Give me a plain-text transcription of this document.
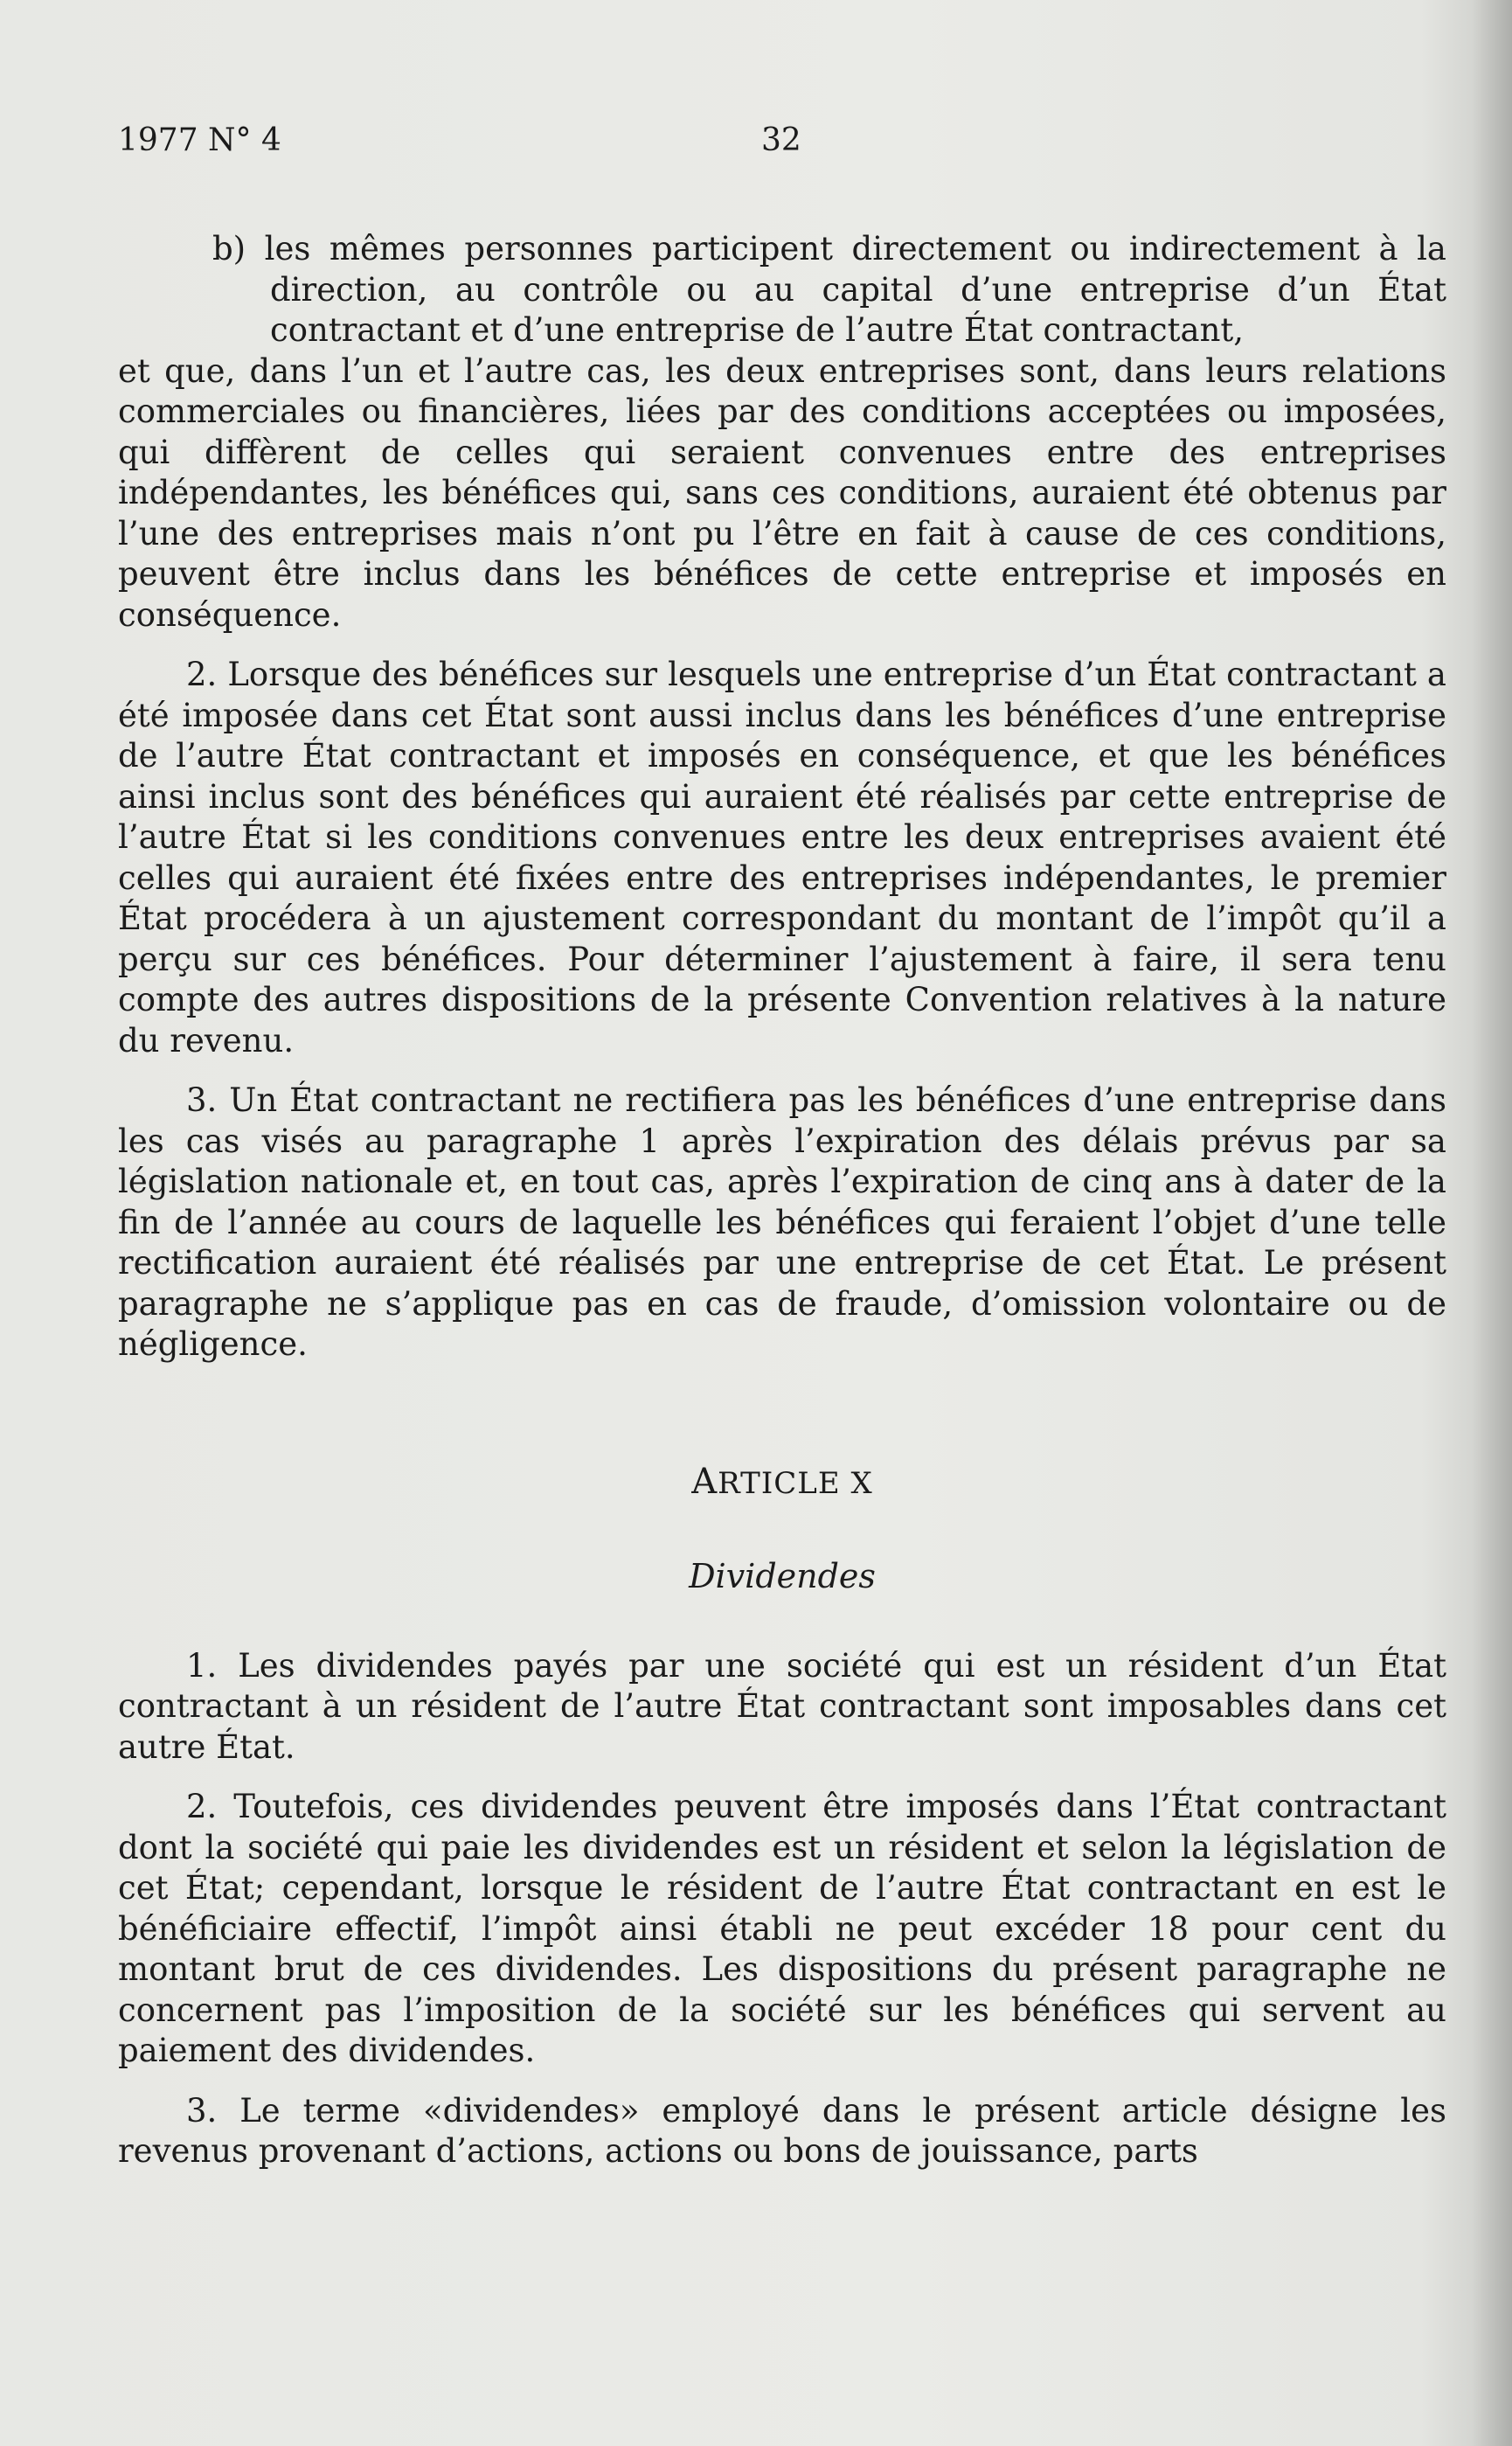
1977 N° 4	32

b) les mêmes personnes participent directement ou indirectement à la direction, au contrôle ou au capital d’une entreprise d’un État contractant et d’une entreprise de l’autre État contractant,

et que, dans l’un et l’autre cas, les deux entreprises sont, dans leurs relations commerciales ou financières, liées par des conditions acceptées ou imposées, qui diffèrent de celles qui seraient convenues entre des entreprises indépendantes, les bénéfices qui, sans ces conditions, auraient été obtenus par l’une des entreprises mais n’ont pu l’être en fait à cause de ces conditions, peuvent être inclus dans les bénéfices de cette entreprise et imposés en conséquence.

2. Lorsque des bénéfices sur lesquels une entreprise d’un État contractant a été imposée dans cet État sont aussi inclus dans les bénéfices d’une entreprise de l’autre État contractant et imposés en conséquence, et que les bénéfices ainsi inclus sont des bénéfices qui auraient été réalisés par cette entreprise de l’autre État si les conditions convenues entre les deux entreprises avaient été celles qui auraient été fixées entre des entreprises indépendantes, le premier État procédera à un ajustement correspondant du montant de l’impôt qu’il a perçu sur ces bénéfices. Pour déterminer l’ajustement à faire, il sera tenu compte des autres dispositions de la présente Convention relatives à la nature du revenu.

3. Un État contractant ne rectifiera pas les bénéfices d’une entreprise dans les cas visés au paragraphe 1 après l’expiration des délais prévus par sa législation nationale et, en tout cas, après l’expiration de cinq ans à dater de la fin de l’année au cours de laquelle les bénéfices qui feraient l’objet d’une telle rectification auraient été réalisés par une entreprise de cet État. Le présent paragraphe ne s’applique pas en cas de fraude, d’omission volontaire ou de négligence.

ARTICLE X
Dividendes

1. Les dividendes payés par une société qui est un résident d’un État contractant à un résident de l’autre État contractant sont imposables dans cet autre État.

2. Toutefois, ces dividendes peuvent être imposés dans l’État contractant dont la société qui paie les dividendes est un résident et selon la législation de cet État; cependant, lorsque le résident de l’autre État contractant en est le bénéficiaire effectif, l’impôt ainsi établi ne peut excéder 18 pour cent du montant brut de ces dividendes. Les dispositions du présent paragraphe ne concernent pas l’imposition de la société sur les bénéfices qui servent au paiement des dividendes.

3. Le terme «dividendes» employé dans le présent article désigne les revenus provenant d’actions, actions ou bons de jouissance, parts
